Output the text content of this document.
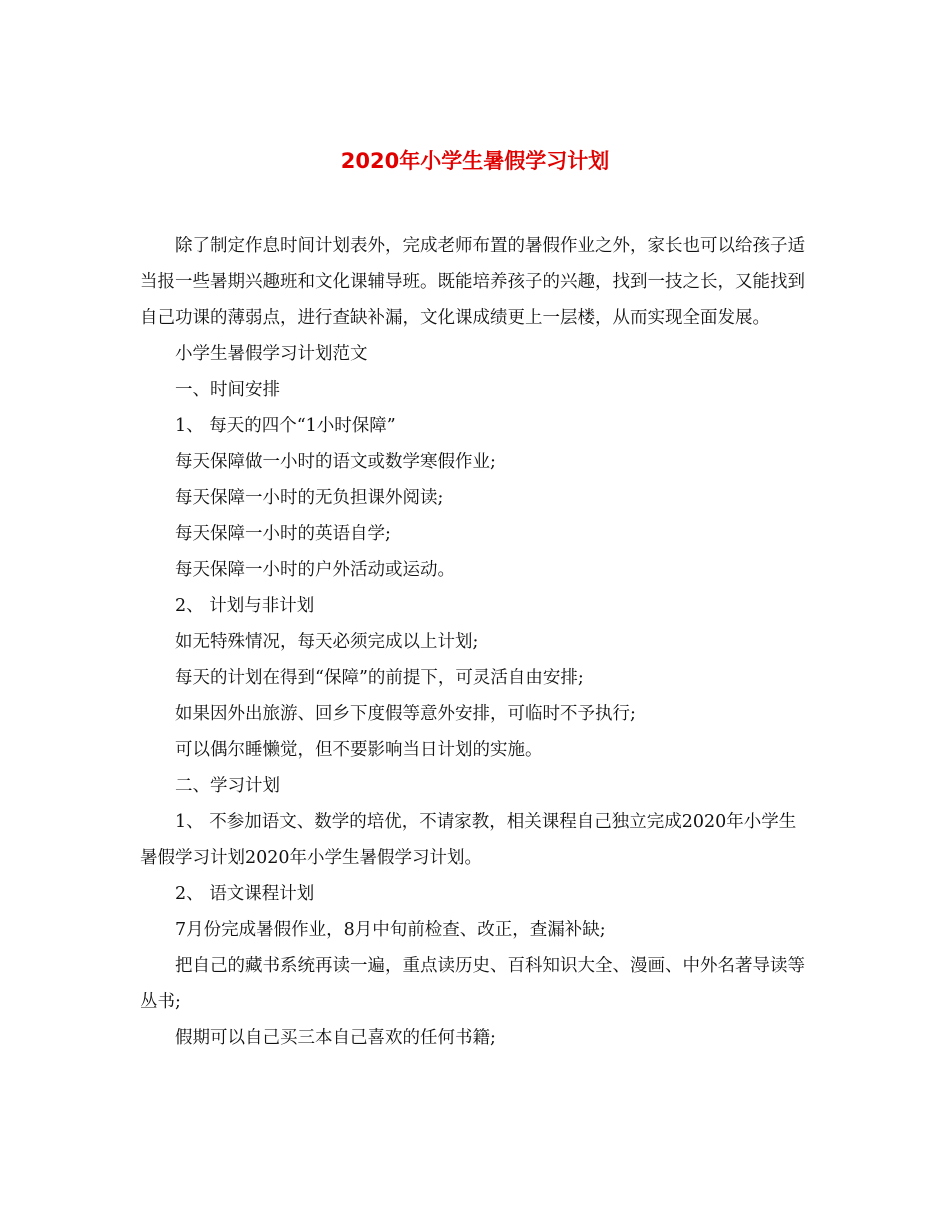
2020年小学生暑假学习计划

除了制定作息时间计划表外，完成老师布置的暑假作业之外，家长也可以给孩子适当报一些暑期兴趣班和文化课辅导班。既能培养孩子的兴趣，找到一技之长，又能找到自己功课的薄弱点，进行查缺补漏，文化课成绩更上一层楼，从而实现全面发展。

小学生暑假学习计划范文

一、时间安排

1、 每天的四个“1小时保障”

每天保障做一小时的语文或数学寒假作业;

每天保障一小时的无负担课外阅读;

每天保障一小时的英语自学;

每天保障一小时的户外活动或运动。

2、 计划与非计划

如无特殊情况，每天必须完成以上计划;

每天的计划在得到“保障”的前提下，可灵活自由安排;

如果因外出旅游、回乡下度假等意外安排，可临时不予执行;

可以偶尔睡懒觉，但不要影响当日计划的实施。

二、学习计划

1、 不参加语文、数学的培优，不请家教，相关课程自己独立完成2020年小学生暑假学习计划2020年小学生暑假学习计划。

2、 语文课程计划

7月份完成暑假作业，8月中旬前检查、改正，查漏补缺;

把自己的藏书系统再读一遍，重点读历史、百科知识大全、漫画、中外名著导读等丛书;

假期可以自己买三本自己喜欢的任何书籍;
